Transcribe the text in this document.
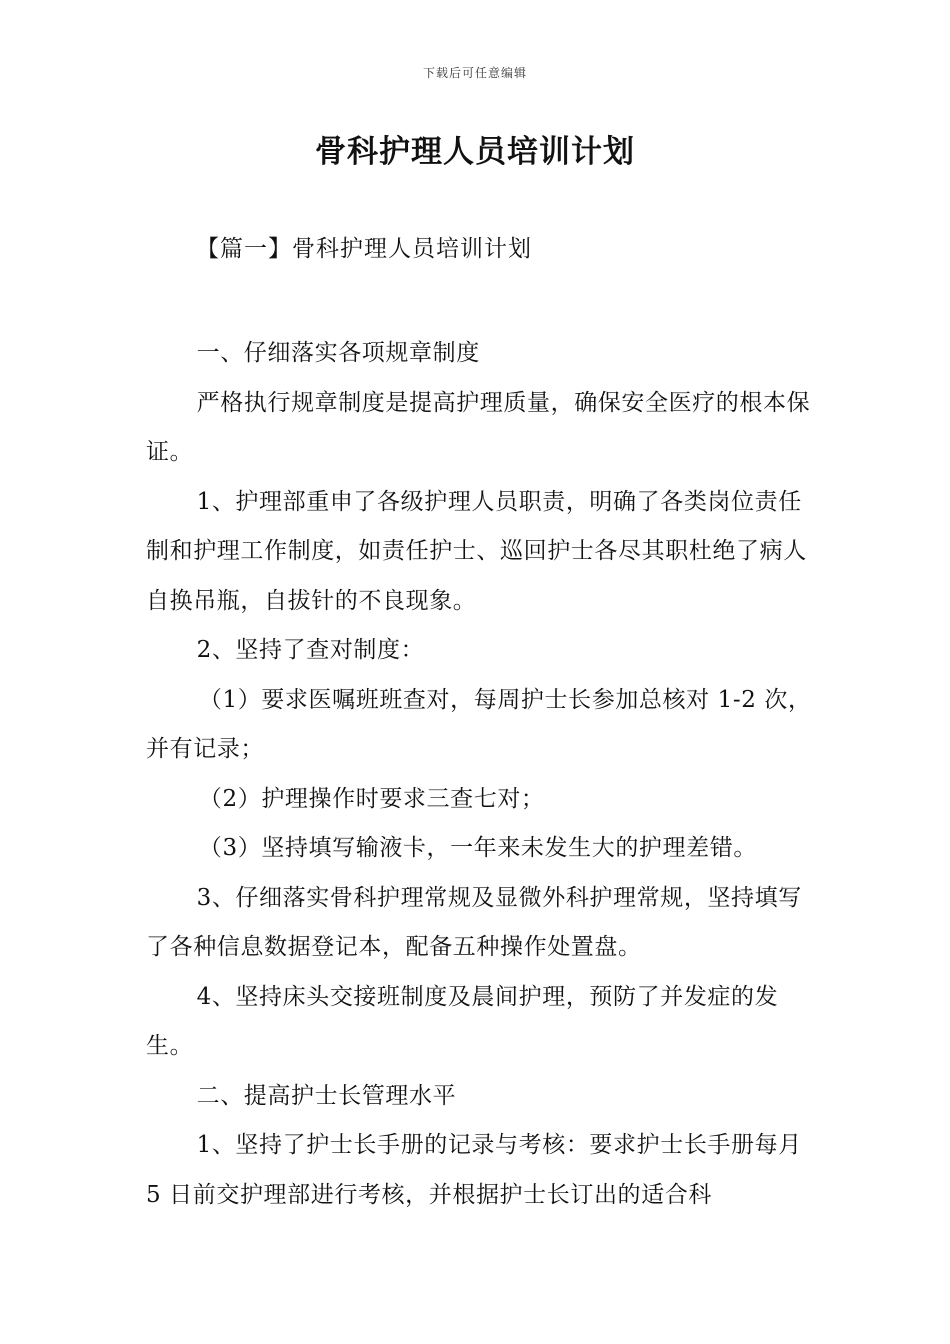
下载后可任意编辑
骨科护理人员培训计划
【篇一】骨科护理人员培训计划

一、仔细落实各项规章制度

严格执行规章制度是提高护理质量，确保安全医疗的根本保证。

1、护理部重申了各级护理人员职责，明确了各类岗位责任制和护理工作制度，如责任护士、巡回护士各尽其职杜绝了病人自换吊瓶，自拔针的不良现象。

2、坚持了查对制度：

（1）要求医嘱班班查对，每周护士长参加总核对 1-2 次，并有记录；

（2）护理操作时要求三查七对；

（3）坚持填写输液卡，一年来未发生大的护理差错。

3、仔细落实骨科护理常规及显微外科护理常规，坚持填写了各种信息数据登记本，配备五种操作处置盘。

4、坚持床头交接班制度及晨间护理，预防了并发症的发生。

二、提高护士长管理水平

1、坚持了护士长手册的记录与考核：要求护士长手册每月 5 日前交护理部进行考核，并根据护士长订出的适合科
